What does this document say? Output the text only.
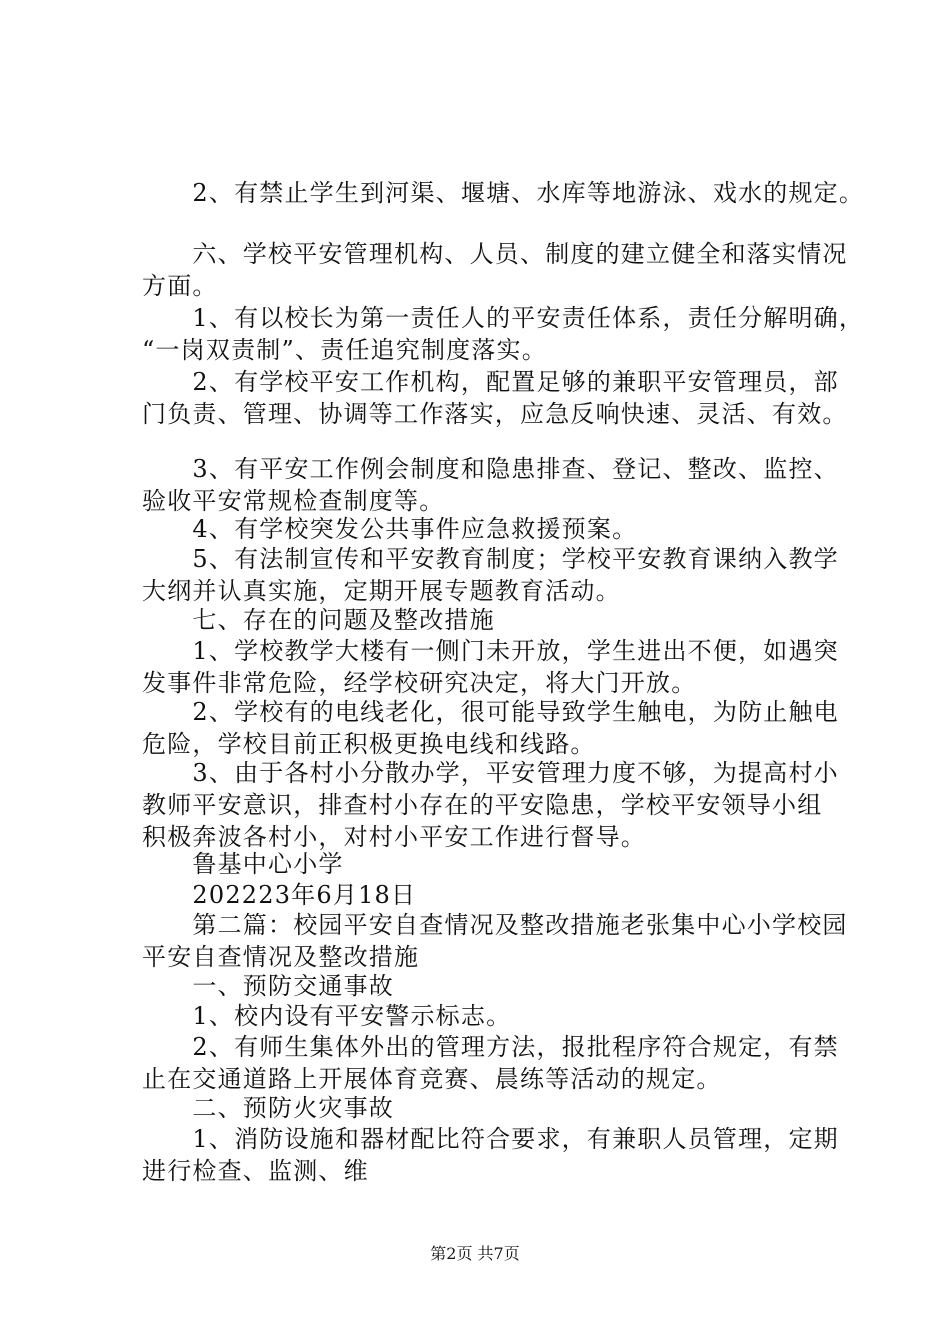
　　2、有禁止学生到河渠、堰塘、水库等地游泳、戏水的规定。

　　六、学校平安管理机构、人员、制度的建立健全和落实情况
方面。

　　1、有以校长为第一责任人的平安责任体系，责任分解明确，
“一岗双责制”、责任追究制度落实。

　　2、有学校平安工作机构，配置足够的兼职平安管理员，部
门负责、管理、协调等工作落实，应急反响快速、灵活、有效。

　　3、有平安工作例会制度和隐患排查、登记、整改、监控、
验收平安常规检查制度等。

　　4、有学校突发公共事件应急救援预案。

　　5、有法制宣传和平安教育制度；学校平安教育课纳入教学
大纲并认真实施，定期开展专题教育活动。

　　七、存在的问题及整改措施

　　1、学校教学大楼有一侧门未开放，学生进出不便，如遇突
发事件非常危险，经学校研究决定，将大门开放。

　　2、学校有的电线老化，很可能导致学生触电，为防止触电
危险，学校目前正积极更换电线和线路。

　　3、由于各村小分散办学，平安管理力度不够，为提高村小
教师平安意识，排查村小存在的平安隐患，学校平安领导小组
积极奔波各村小，对村小平安工作进行督导。

　　鲁基中心小学

　　202223年6月18日

　　第二篇：校园平安自查情况及整改措施老张集中心小学校园
平安自查情况及整改措施

　　一、预防交通事故

　　1、校内设有平安警示标志。

　　2、有师生集体外出的管理方法，报批程序符合规定，有禁
止在交通道路上开展体育竞赛、晨练等活动的规定。

　　二、预防火灾事故

　　1、消防设施和器材配比符合要求，有兼职人员管理，定期
进行检查、监测、维

第2页 共7页
